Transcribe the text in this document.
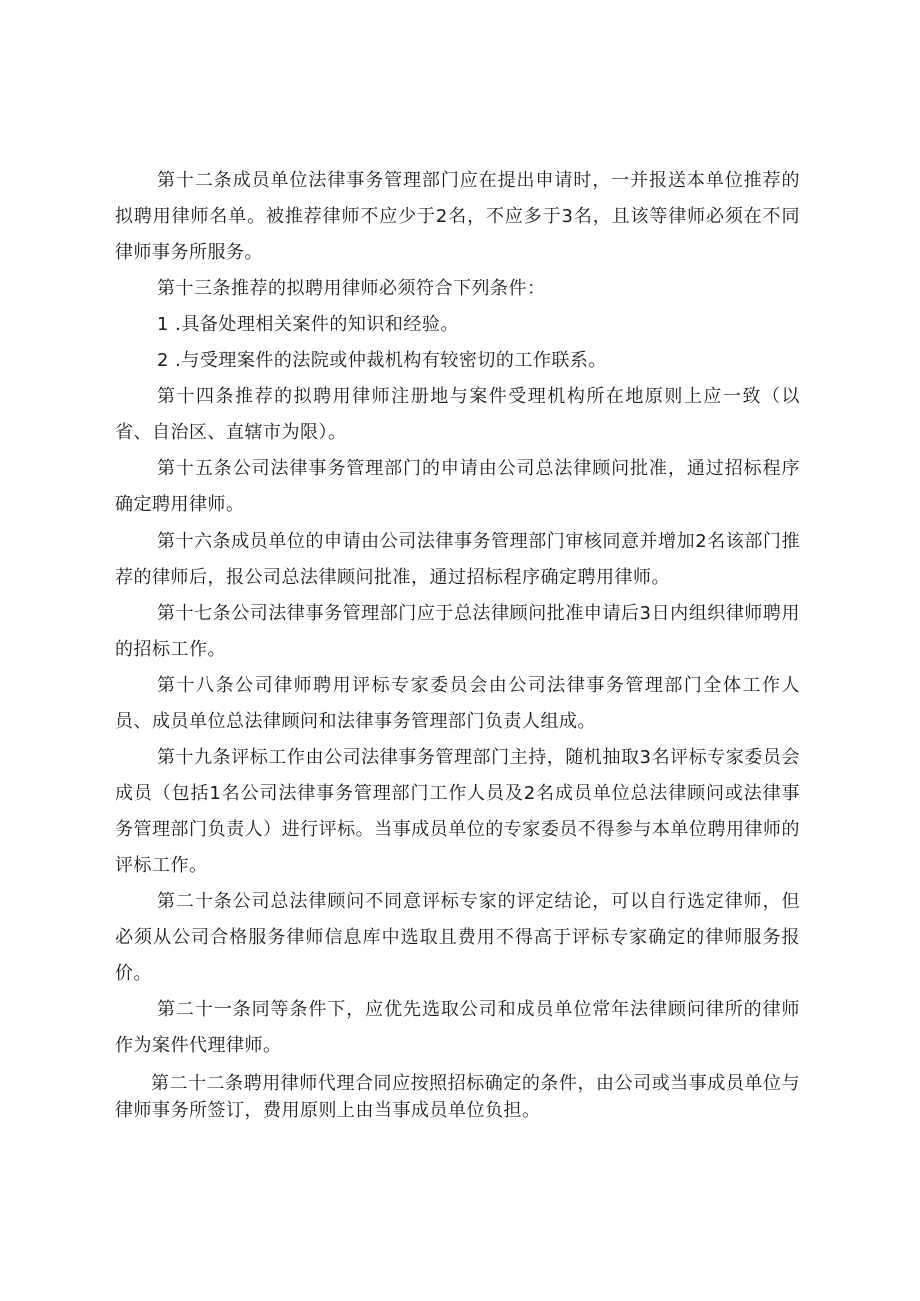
第十二条成员单位法律事务管理部门应在提出申请时，一并报送本单位推荐的拟聘用律师名单。被推荐律师不应少于2名，不应多于3名，且该等律师必须在不同律师事务所服务。

第十三条推荐的拟聘用律师必须符合下列条件：

1 .具备处理相关案件的知识和经验。

2 .与受理案件的法院或仲裁机构有较密切的工作联系。

第十四条推荐的拟聘用律师注册地与案件受理机构所在地原则上应一致（以省、自治区、直辖市为限）。

第十五条公司法律事务管理部门的申请由公司总法律顾问批准，通过招标程序确定聘用律师。

第十六条成员单位的申请由公司法律事务管理部门审核同意并增加2名该部门推荐的律师后，报公司总法律顾问批准，通过招标程序确定聘用律师。

第十七条公司法律事务管理部门应于总法律顾问批准申请后3日内组织律师聘用的招标工作。

第十八条公司律师聘用评标专家委员会由公司法律事务管理部门全体工作人员、成员单位总法律顾问和法律事务管理部门负责人组成。

第十九条评标工作由公司法律事务管理部门主持，随机抽取3名评标专家委员会成员（包括1名公司法律事务管理部门工作人员及2名成员单位总法律顾问或法律事务管理部门负责人）进行评标。当事成员单位的专家委员不得参与本单位聘用律师的评标工作。

第二十条公司总法律顾问不同意评标专家的评定结论，可以自行选定律师，但必须从公司合格服务律师信息库中选取且费用不得高于评标专家确定的律师服务报价。

第二十一条同等条件下，应优先选取公司和成员单位常年法律顾问律所的律师作为案件代理律师。

第二十二条聘用律师代理合同应按照招标确定的条件，由公司或当事成员单位与律师事务所签订，费用原则上由当事成员单位负担。
